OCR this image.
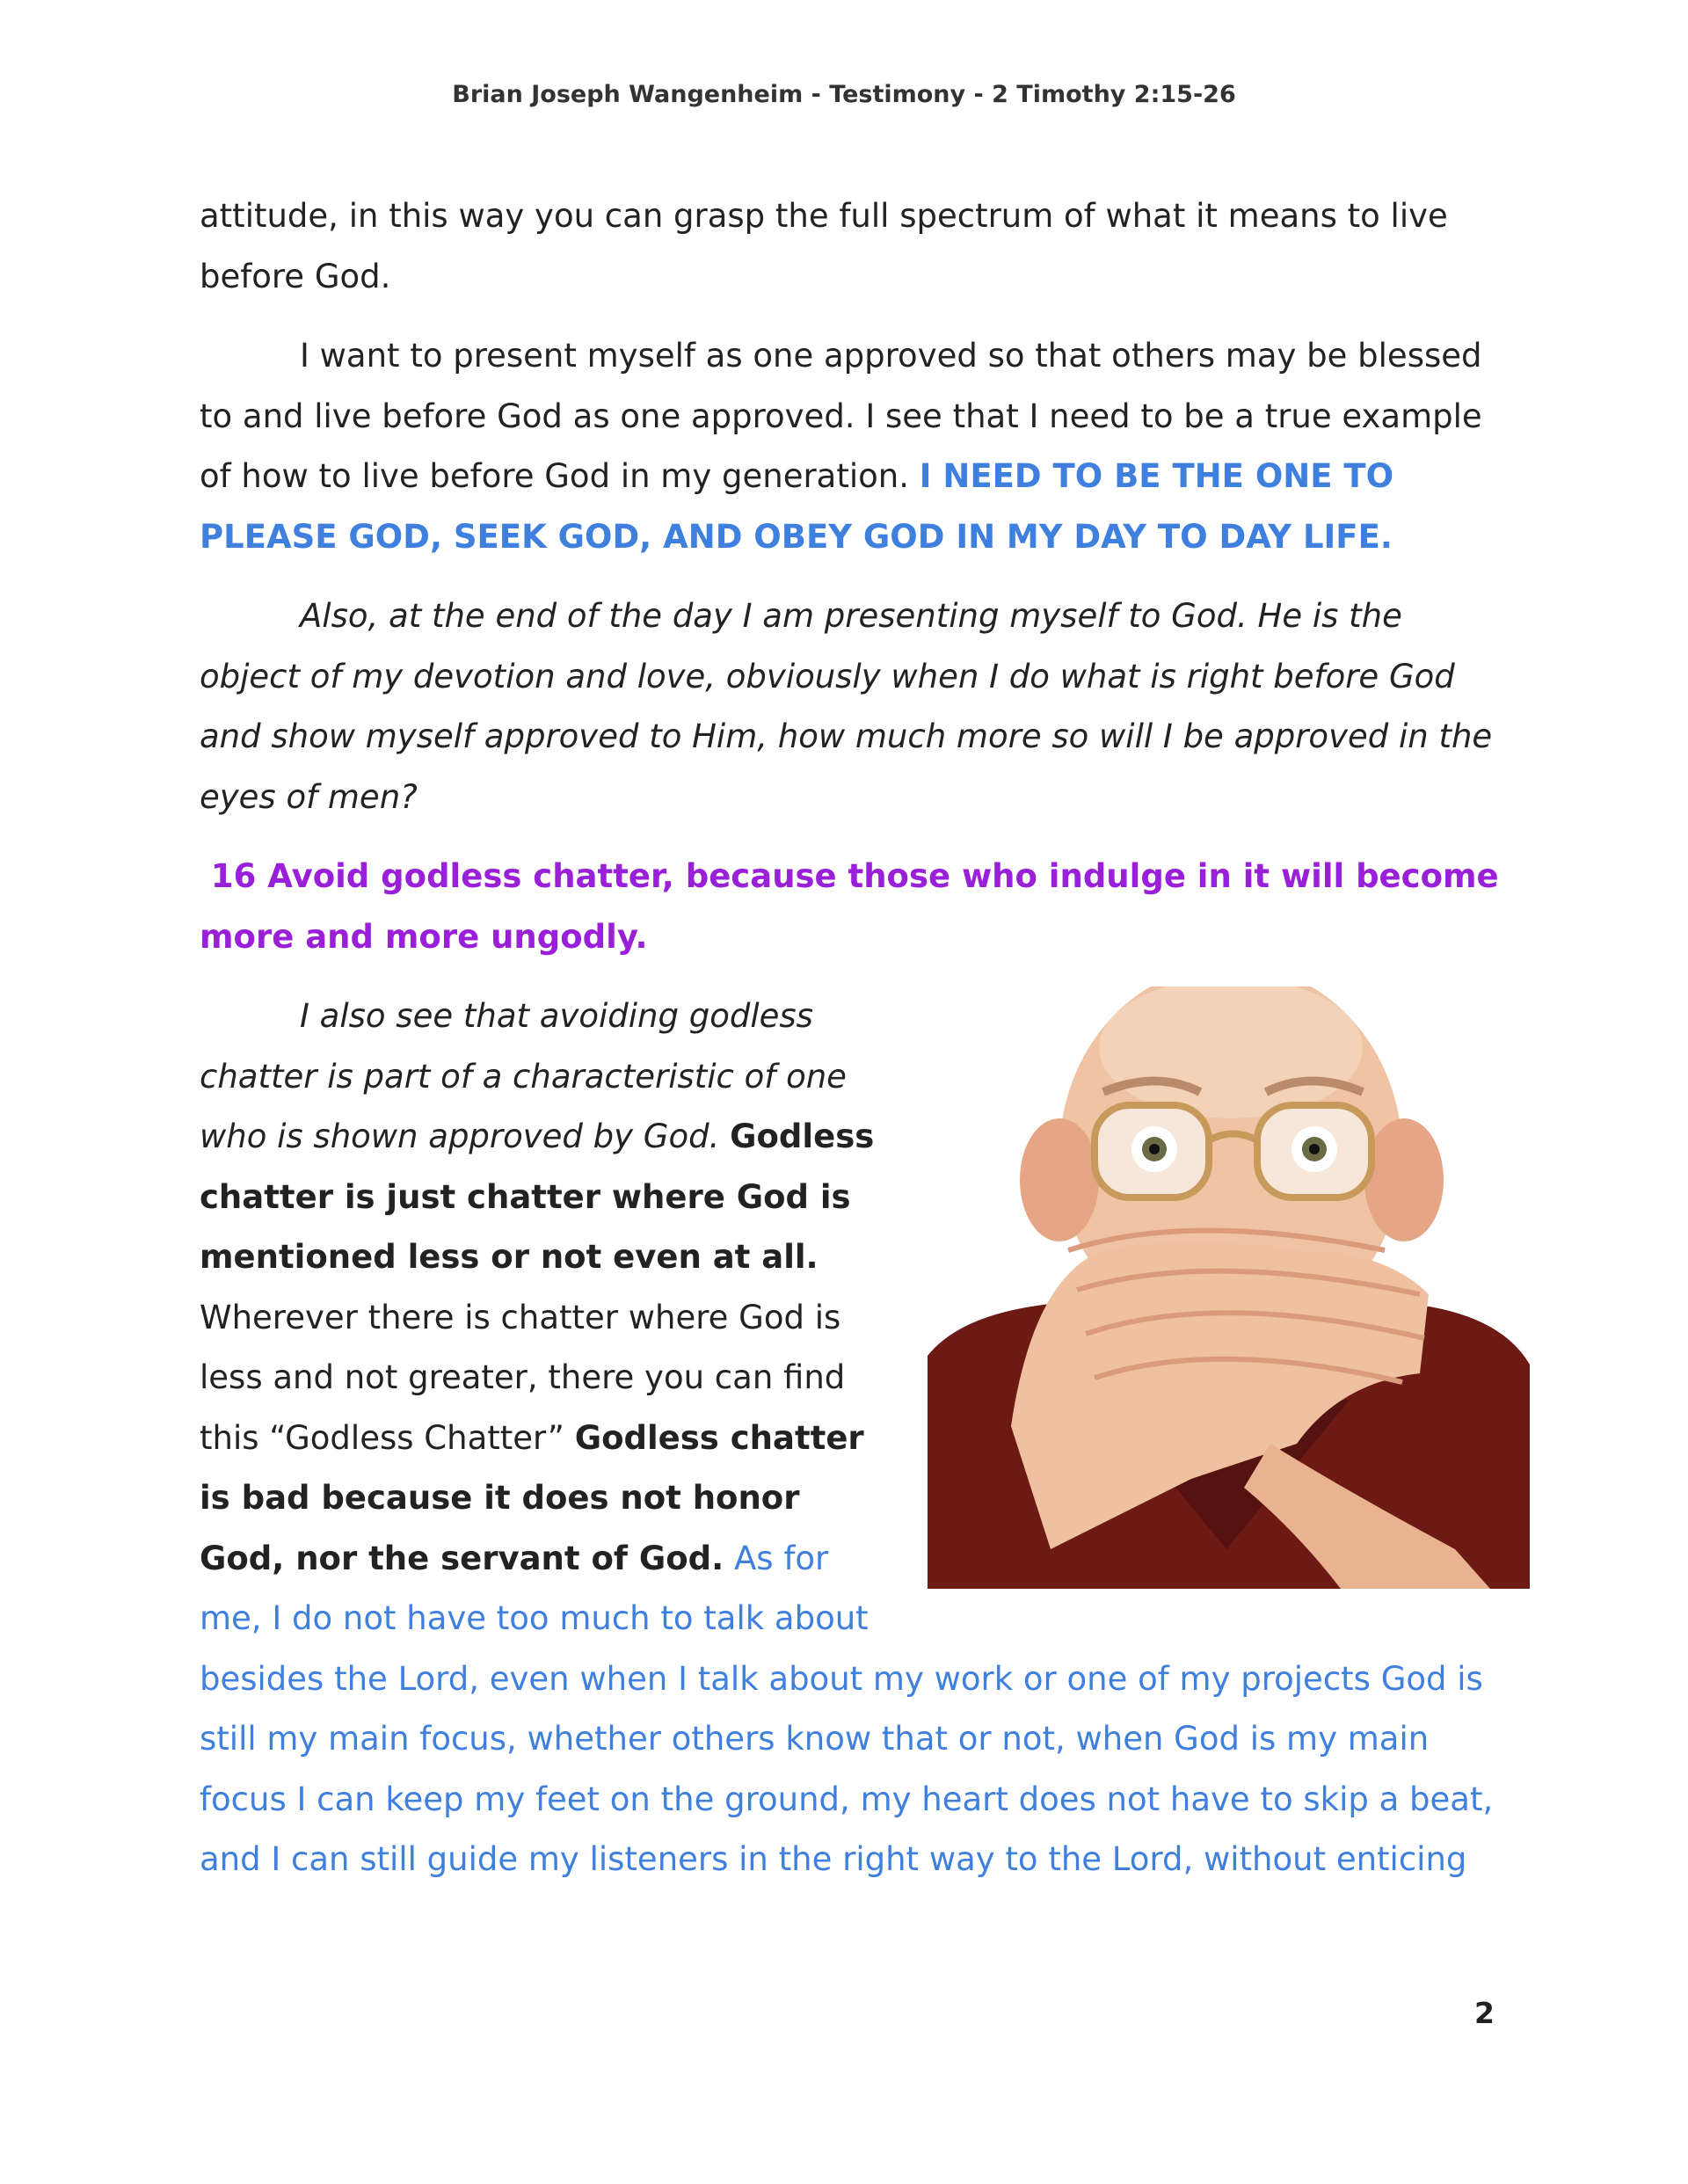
Brian Joseph Wangenheim - Testimony - 2 Timothy 2:15-26

attitude, in this way you can grasp the full spectrum of what it means to live before God.

I want to present myself as one approved so that others may be blessed to and live before God as one approved. I see that I need to be a true example of how to live before God in my generation. I NEED TO BE THE ONE TO PLEASE GOD, SEEK GOD, AND OBEY GOD IN MY DAY TO DAY LIFE.

Also, at the end of the day I am presenting myself to God. He is the object of my devotion and love, obviously when I do what is right before God and show myself approved to Him, how much more so will I be approved in the eyes of men?

16 Avoid godless chatter, because those who indulge in it will become more and more ungodly.

I also see that avoiding godless chatter is part of a characteristic of one who is shown approved by God. Godless chatter is just chatter where God is mentioned less or not even at all. Wherever there is chatter where God is less and not greater, there you can find this “Godless Chatter” Godless chatter is bad because it does not honor God, nor the servant of God. As for me, I do not have too much to talk about besides the Lord, even when I talk about my work or one of my projects God is still my main focus, whether others know that or not, when God is my main focus I can keep my feet on the ground, my heart does not have to skip a beat, and I can still guide my listeners in the right way to the Lord, without enticing

2
